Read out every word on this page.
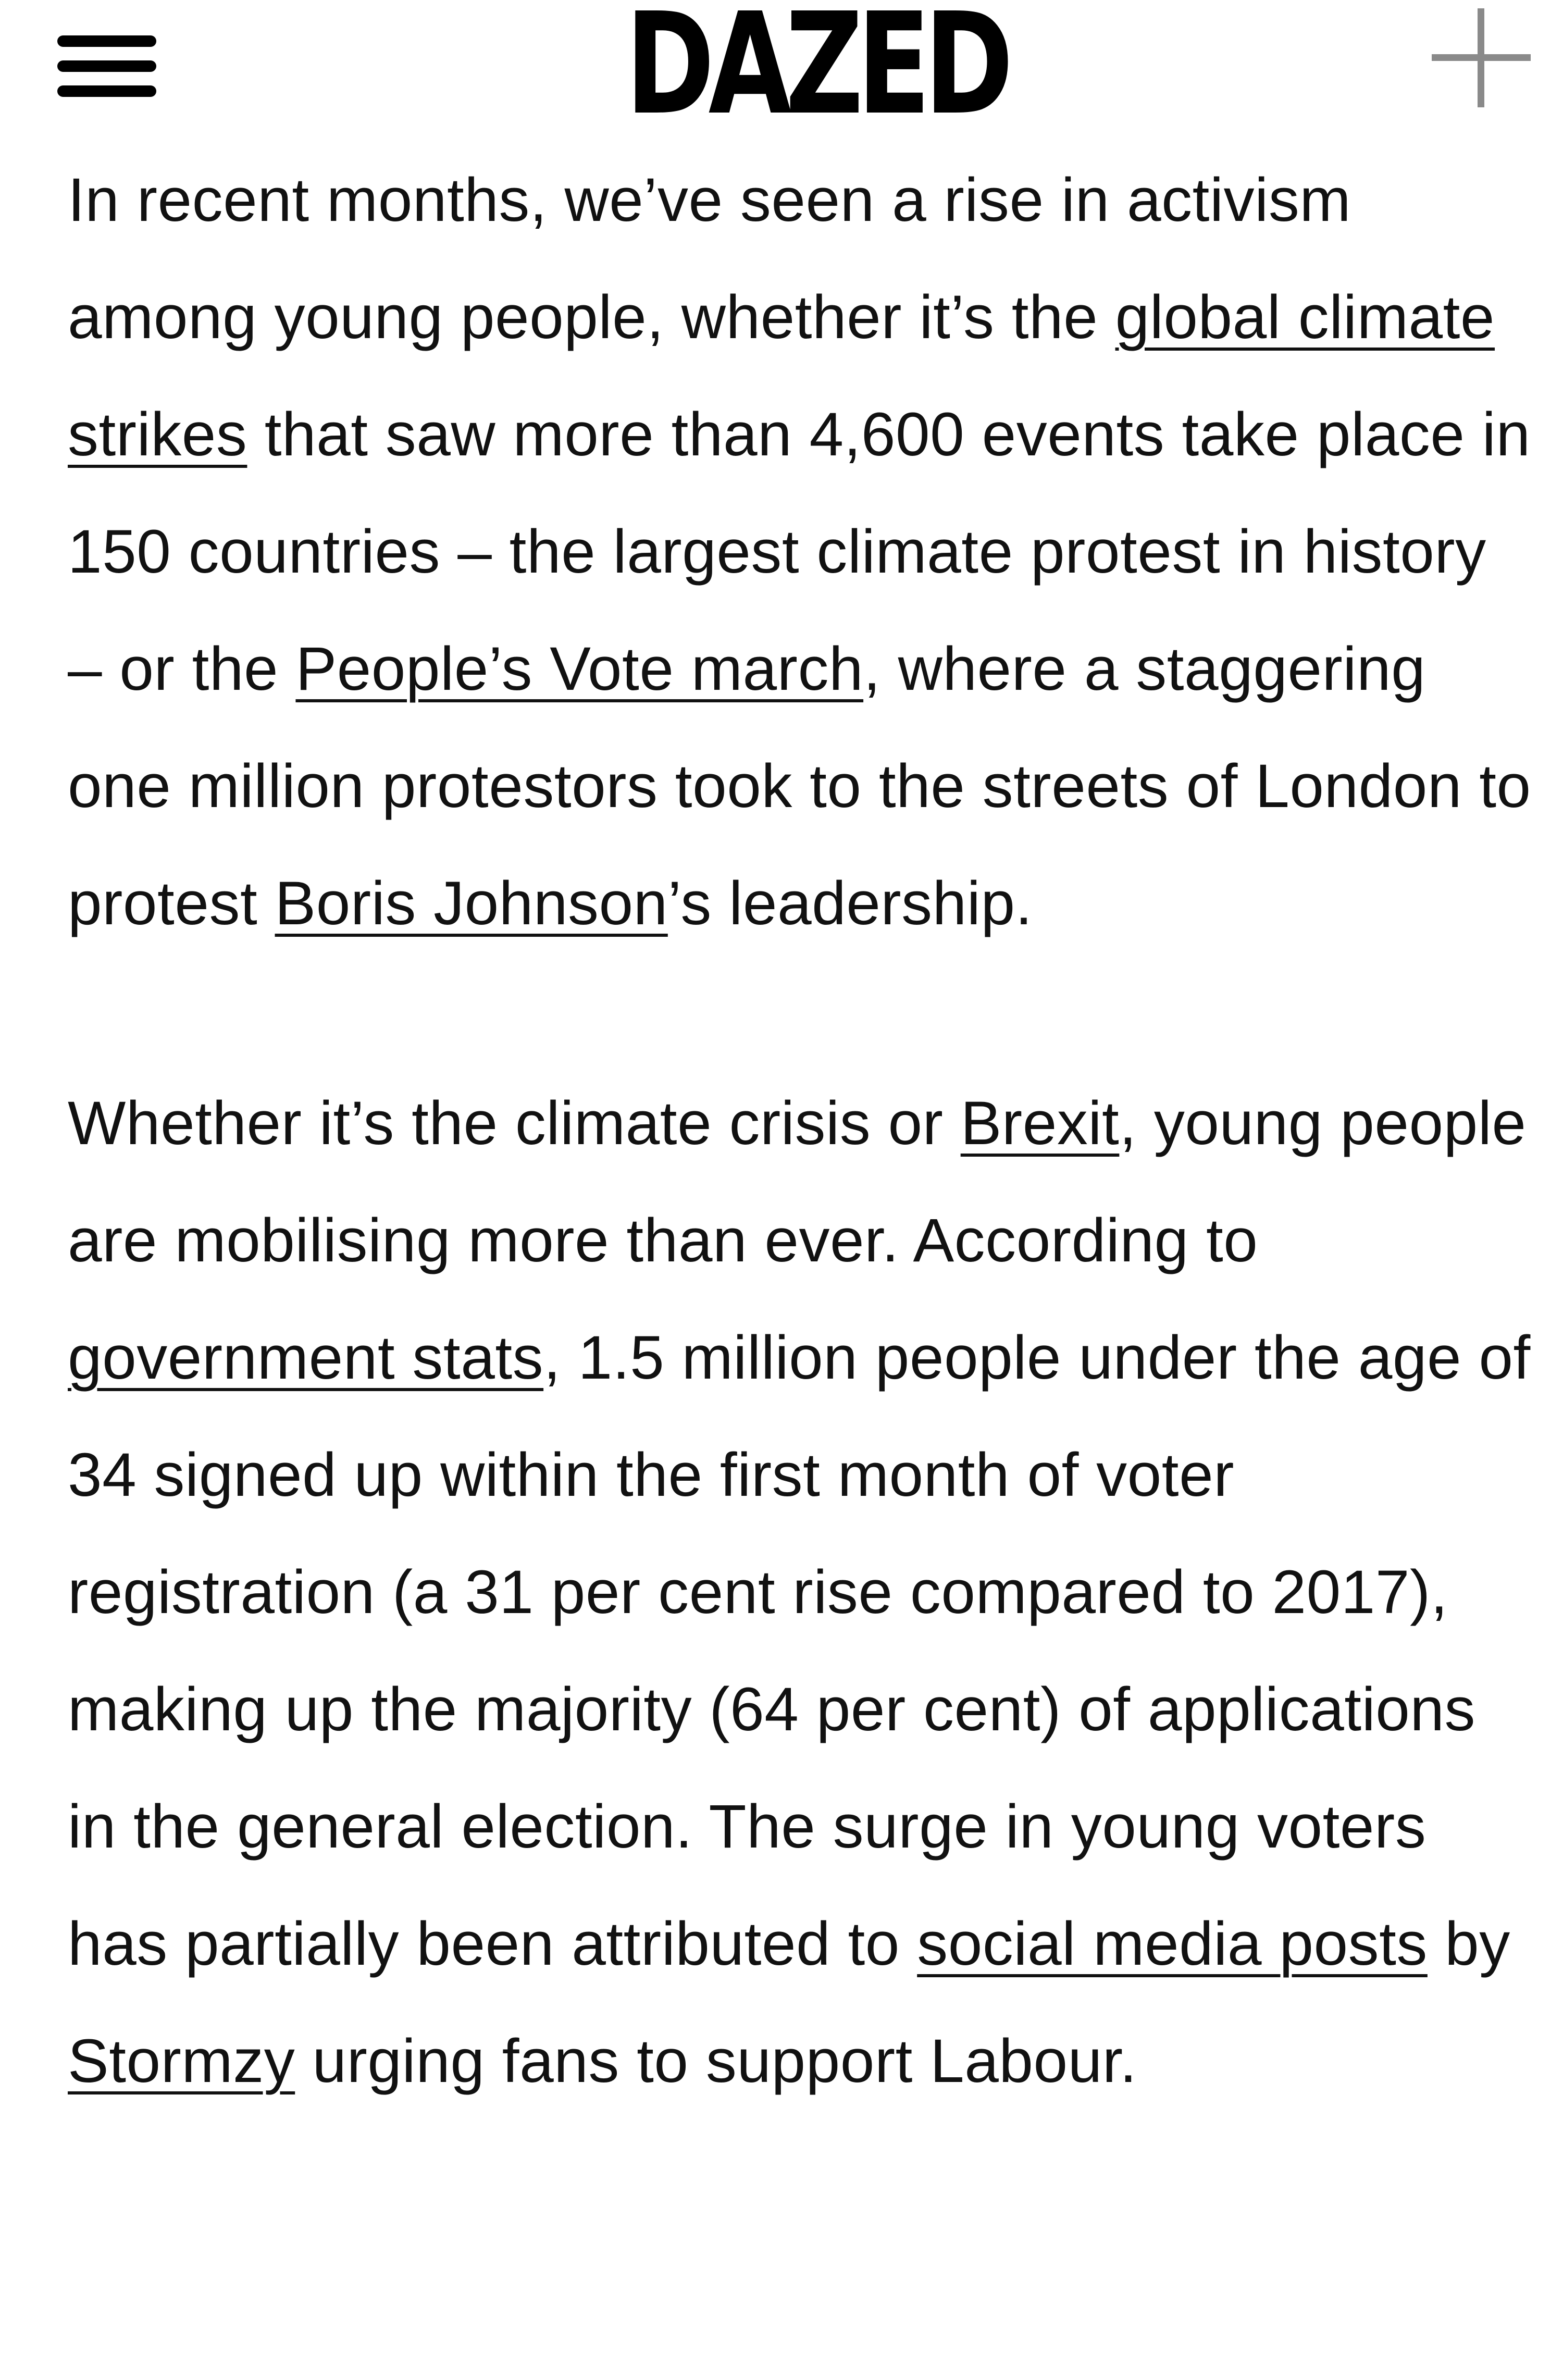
DAZED

In recent months, we’ve seen a rise in activism among young people, whether it’s the global climate strikes that saw more than 4,600 events take place in 150 countries – the largest climate protest in history – or the People’s Vote march, where a staggering one million protestors took to the streets of London to protest Boris Johnson’s leadership.

Whether it’s the climate crisis or Brexit, young people are mobilising more than ever. According to government stats, 1.5 million people under the age of 34 signed up within the first month of voter registration (a 31 per cent rise compared to 2017), making up the majority (64 per cent) of applications in the general election. The surge in young voters has partially been attributed to social media posts by Stormzy urging fans to support Labour.
